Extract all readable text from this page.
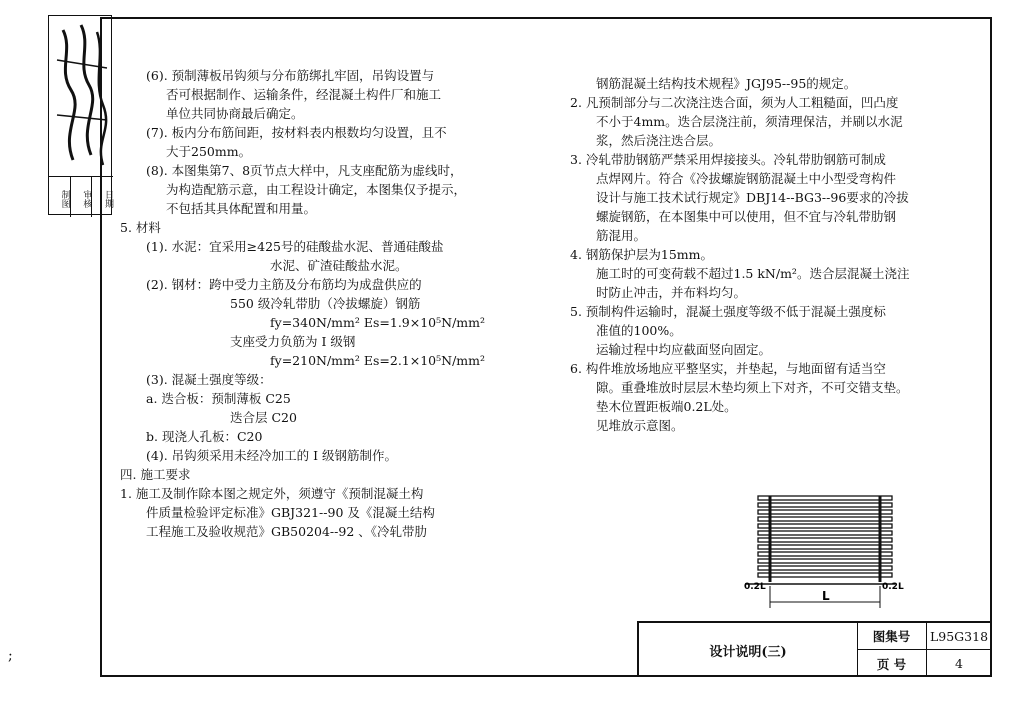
制图	审核	日期
;
(6). 预制薄板吊钩须与分布筋绑扎牢固，吊钩设置与
否可根据制作、运输条件，经混凝土构件厂和施工
单位共同协商最后确定。
(7). 板内分布筋间距，按材料表内根数均匀设置，且不
大于250mm。
(8). 本图集第7、8页节点大样中，凡支座配筋为虚线时，
为构造配筋示意，由工程设计确定，本图集仅予提示，
不包括其具体配置和用量。
5. 材料
(1). 水泥：宜采用≥425号的硅酸盐水泥、普通硅酸盐
水泥、矿渣硅酸盐水泥。
(2). 钢材：跨中受力主筋及分布筋均为成盘供应的
550 级冷轧带肋（冷拔螺旋）钢筋
fy=340N/mm² Es=1.9×10⁵N/mm²
支座受力负筋为 I 级钢
fy=210N/mm² Es=2.1×10⁵N/mm²
(3). 混凝土强度等级：
a. 迭合板：预制薄板 C25
迭合层 C20
b. 现浇人孔板：C20
(4). 吊钩须采用未经冷加工的 I 级钢筋制作。
四. 施工要求
1. 施工及制作除本图之规定外，须遵守《预制混凝土构
件质量检验评定标准》GBJ321--90 及《混凝土结构
工程施工及验收规范》GB50204--92 、《冷轧带肋
钢筋混凝土结构技术规程》JGJ95--95的规定。
2. 凡预制部分与二次浇注迭合面，须为人工粗糙面，凹凸度
不小于4mm。迭合层浇注前，须清理保洁，并刷以水泥
浆，然后浇注迭合层。
3. 冷轧带肋钢筋严禁采用焊接接头。冷轧带肋钢筋可制成
点焊网片。符合《冷拔螺旋钢筋混凝土中小型受弯构件
设计与施工技术试行规定》DBJ14--BG3--96要求的冷拔
螺旋钢筋，在本图集中可以使用，但不宜与冷轧带肋钢
筋混用。
4. 钢筋保护层为15mm。
施工时的可变荷载不超过1.5 kN/m²。迭合层混凝土浇注
时防止冲击，并布料均匀。
5. 预制构件运输时，混凝土强度等级不低于混凝土强度标
准值的100%。
运输过程中均应截面竖向固定。
6. 构件堆放场地应平整坚实，并垫起，与地面留有适当空
隙。重叠堆放时层层木垫均须上下对齐，不可交错支垫。
垫木位置距板端0.2L处。
见堆放示意图。
0.2L	0.2L
L
设计说明(三)
图集号	L95G318
页 号	4
